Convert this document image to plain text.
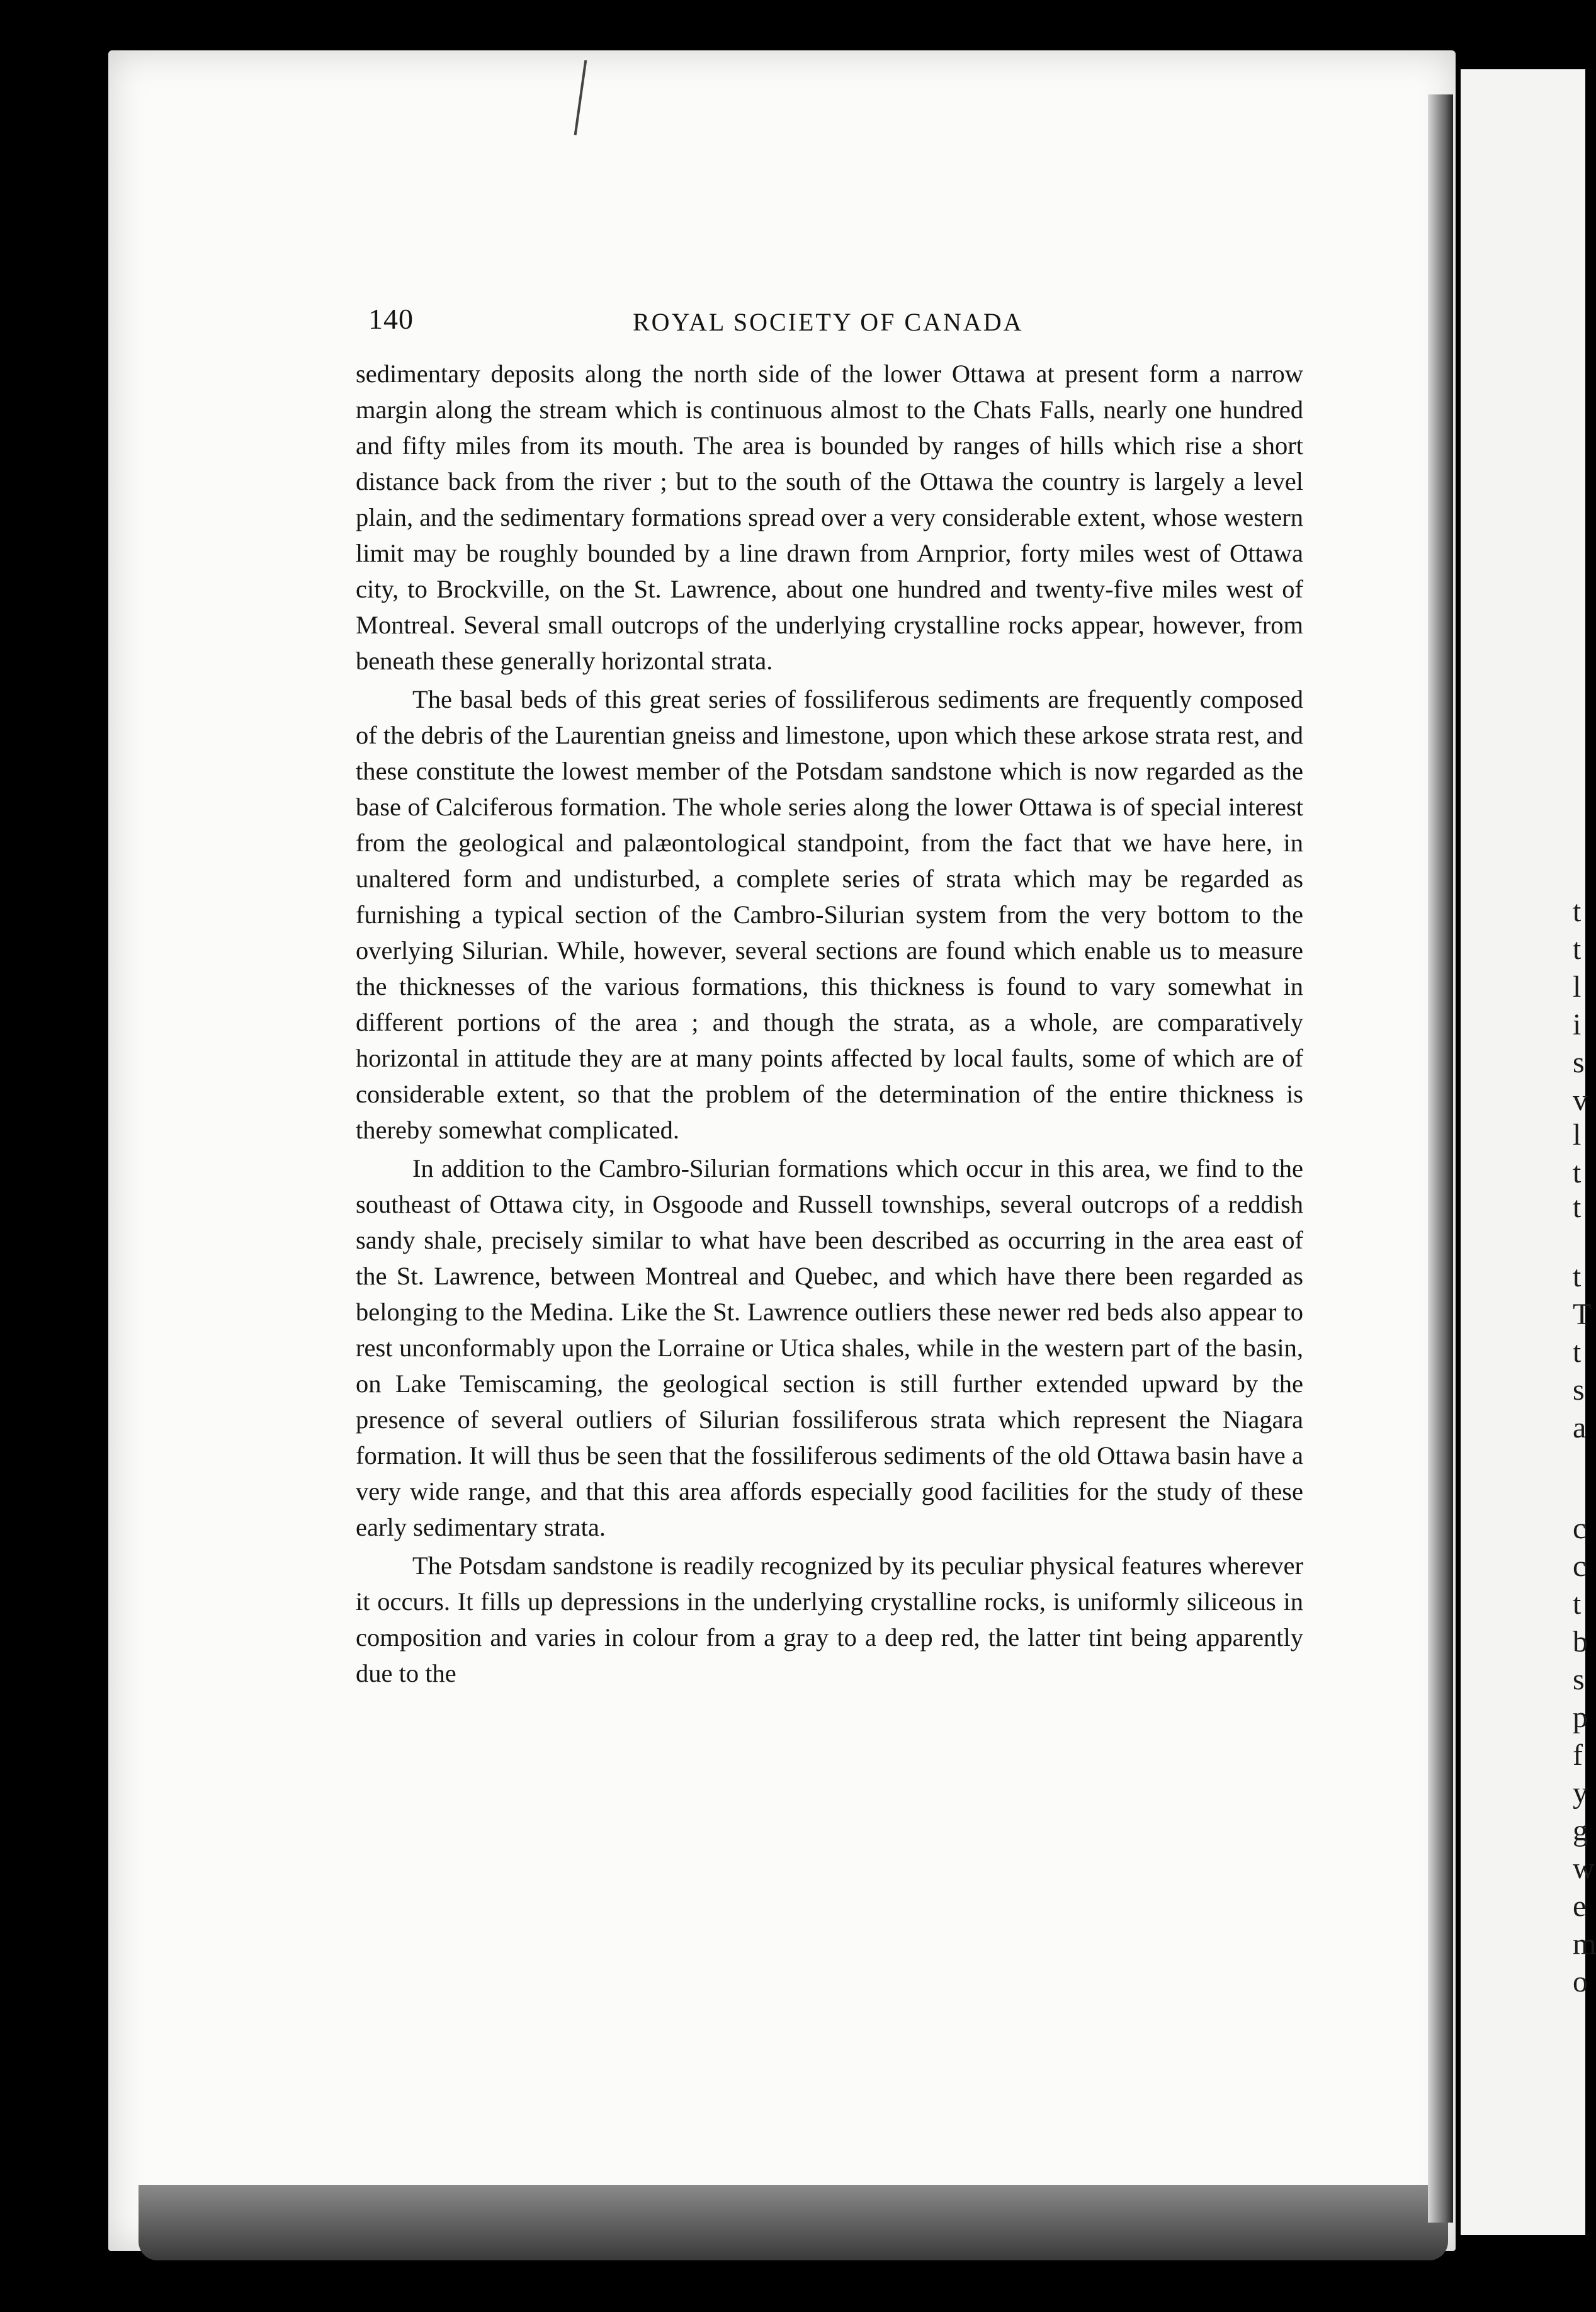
t
t
l
i
s
v
l
t
t
t
T
t
s
a
c
c
t
b
s
p
f
y
g
w
e
m
o
140	ROYAL SOCIETY OF CANADA

sedimentary deposits along the north side of the lower Ottawa at present form a narrow margin along the stream which is continuous almost to the Chats Falls, nearly one hundred and fifty miles from its mouth. The area is bounded by ranges of hills which rise a short distance back from the river ; but to the south of the Ottawa the country is largely a level plain, and the sedimentary formations spread over a very considerable extent, whose western limit may be roughly bounded by a line drawn from Arnprior, forty miles west of Ottawa city, to Brockville, on the St. Lawrence, about one hundred and twenty-five miles west of Montreal. Several small outcrops of the underlying crystalline rocks appear, however, from beneath these generally horizontal strata.

The basal beds of this great series of fossiliferous sediments are frequently composed of the debris of the Laurentian gneiss and limestone, upon which these arkose strata rest, and these constitute the lowest member of the Potsdam sandstone which is now regarded as the base of Calciferous formation. The whole series along the lower Ottawa is of special interest from the geological and palæontological standpoint, from the fact that we have here, in unaltered form and undisturbed, a complete series of strata which may be regarded as furnishing a typical section of the Cambro-Silurian system from the very bottom to the overlying Silurian. While, however, several sections are found which enable us to measure the thicknesses of the various formations, this thickness is found to vary somewhat in different portions of the area ; and though the strata, as a whole, are comparatively horizontal in attitude they are at many points affected by local faults, some of which are of considerable extent, so that the problem of the determination of the entire thickness is thereby somewhat complicated.

In addition to the Cambro-Silurian formations which occur in this area, we find to the southeast of Ottawa city, in Osgoode and Russell townships, several outcrops of a reddish sandy shale, precisely similar to what have been described as occurring in the area east of the St. Lawrence, between Montreal and Quebec, and which have there been regarded as belonging to the Medina. Like the St. Lawrence outliers these newer red beds also appear to rest unconformably upon the Lorraine or Utica shales, while in the western part of the basin, on Lake Temiscaming, the geological section is still further extended upward by the presence of several outliers of Silurian fossiliferous strata which represent the Niagara formation. It will thus be seen that the fossiliferous sediments of the old Ottawa basin have a very wide range, and that this area affords especially good facilities for the study of these early sedimentary strata.

The Potsdam sandstone is readily recognized by its peculiar physical features wherever it occurs. It fills up depressions in the underlying crystalline rocks, is uniformly siliceous in composition and varies in colour from a gray to a deep red, the latter tint being apparently due to the
